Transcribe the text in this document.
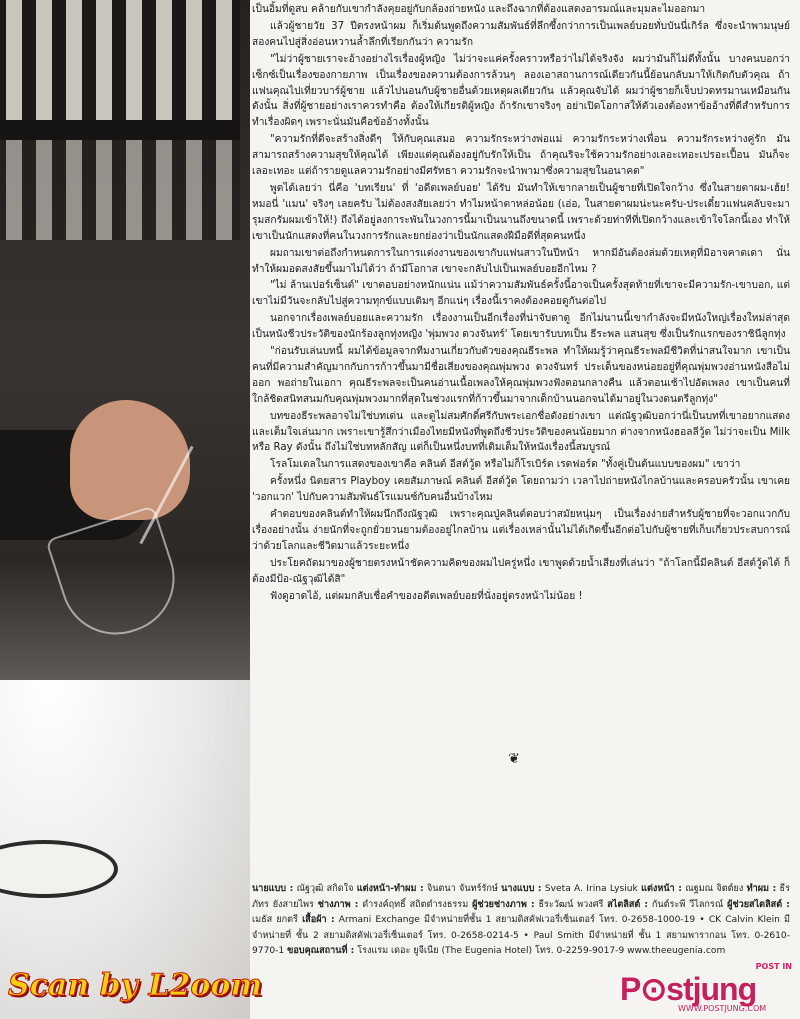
เป็นอิ้มที่ดูสบ คล้ายกับเขากำลังคุยอยู่กับกล้องถ่ายหนัง และถึงฉากที่ต้องแสดงอารมณ์และมุมละไมออกมา

แล้วผู้ชายวัย 37 ปีตรงหน้าผม ก็เริ่มต้นพูดถึงความสัมพันธ์ที่ลึกซึ้งกว่าการเป็นเพลย์บอยทั่บบันนี่เกิร์ล ซึ่งจะนำพามนุษย์สองคนไปสู่สิ่งอ่อนหวานล้ำลึกที่เรียกกันว่า ความรัก

"ไม่ว่าผู้ชายเราจะอ้างอย่างไรเรื่องผู้หญิง ไม่ว่าจะแค่ครั้งคราวหรือว่าไม่ได้จริงจัง ผมว่ามันก็ไม่ดีทั้งนั้น บางคนบอกว่าเซ็กซ์เป็นเรื่องของกายภาพ เป็นเรื่องของความต้องการล้วนๆ ลองเอาสถานการณ์เดียวกันนี้ย้อนกลับมาให้เกิดกับตัวคุณ ถ้าแฟนคุณไปเที่ยวบาร์ผู้ชาย แล้วไปนอนกับผู้ชายอื่นด้วยเหตุผลเดียวกัน แล้วคุณจับได้ ผมว่าผู้ชายก็เจ็บปวดทรมานเหมือนกัน ดังนั้น สิ่งที่ผู้ชายอย่างเราควรทำคือ ต้องให้เกียรติผู้หญิง ถ้ารักเขาจริงๆ อย่าเปิดโอกาสให้ตัวเองต้องหาข้ออ้างที่ดีสำหรับการทำเรื่องผิดๆ เพราะนั่นมันคือข้ออ้างทั้งนั้น

"ความรักที่ดีจะสร้างสิ่งดีๆ ให้กับคุณเสมอ ความรักระหว่างพ่อแม่ ความรักระหว่างเพื่อน ความรักระหว่างคู่รัก มันสามารถสร้างความสุขให้คุณได้ เพียงแต่คุณต้องอยู่กับรักให้เป็น ถ้าคุณริจะใช้ความรักอย่างเลอะเทอะเปรอะเปื้อน มันก็จะเลอะเทอะ แต่ถ้ารายดูแลความรักอย่างมีศรัทธา ความรักจะนำพามาซึ่งความสุขในอนาคต"

พูดได้เลยว่า นี่คือ 'บทเรียน' ที่ 'อดีตเพลย์บอย' ได้รับ มันทำให้เขากลายเป็นผู้ชายที่เปิดใจกว้าง ซึ่งในสายตาผม-เฮ้ย! หมอนี่ 'แมน' จริงๆ เลยครับ ไม่ต้องสงสัยเลยว่า ทำไมหน้าตาหล่อน้อย (เอ่อ, ในสายตาผมน่ะนะครับ-ประเดี๋ยวแฟนคลับจะมารุมสกรัมผมเข้าให้!) ถึงได้อยู่ลงการะพันในวงการนี้มาเป็นนานถึงขนาดนี้ เพราะด้วยท่าทีที่เปิดกว้างและเข้าใจโลกนี้เอง ทำให้เขาเป็นนักแสดงที่คนในวงการรักและยกย่องว่าเป็นนักแสดงฝีมือดีที่สุดคนหนึ่ง

ผมถามเขาต่อถึงกำหนดการในการแต่งงานของเขากับแฟนสาวในปีหน้า หากมีอันต้องล่มด้วยเหตุที่มิอาจคาดเดา นั่นทำให้ผมอดสงสัยขึ้นมาไม่ได้ว่า ถ้ามีโอกาส เขาจะกลับไปเป็นเพลย์บอยอีกไหม ?

"ไม่ ล้านเปอร์เซ็นต์" เขาตอบอย่างหนักแน่น แม้ว่าความสัมพันธ์ครั้งนี้อาจเป็นครั้งสุดท้ายที่เขาจะมีความรัก-เขาบอก, แต่เขาไม่มีวันจะกลับไปสู่ความทุกข์แบบเดิมๆ อีกแน่ๆ เรื่องนี้เราคงต้องคอยดูกันต่อไป

นอกจากเรื่องเพลย์บอยและความรัก เรื่องงานเป็นอีกเรื่องที่น่าจับตาดู อีกไม่นานนี้เขากำลังจะมีหนังใหญ่เรื่องใหม่ล่าสุด เป็นหนังชีวประวัติของนักร้องลูกทุ่งหญิง 'พุ่มพวง ดวงจันทร์' โดยเขารับบทเป็น ธีระพล แสนสุข ซึ่งเป็นรักแรกของราชินีลูกทุ่ง

"ก่อนรับเล่นบทนี้ ผมได้ข้อมูลจากทีมงานเกี่ยวกับตัวของคุณธีระพล ทำให้ผมรู้ว่าคุณธีระพลมีชีวิตที่น่าสนใจมาก เขาเป็นคนที่มีความสำคัญมากกับการก้าวขึ้นมามีชื่อเสียงของคุณพุ่มพวง ดวงจันทร์ ประเด็นของหน่อยอยู่ที่คุณพุ่มพวงอ่านหนังสือไม่ออก พอถ่ายในเอกา คุณธีระพลจะเป็นคนอ่านเนื้อเพลงให้คุณพุ่มพวงฟังตอนกลางคืน แล้วตอนเช้าไปอัดเพลง เขาเป็นคนที่ใกล้ชิดสนิทสนมกับคุณพุ่มพวงมากที่สุดในช่วงแรกที่ก้าวขึ้นมาจากเด็กบ้านนอกจนได้มาอยู่ในวงดนตรีลูกทุ่ง"

บทของธีระพลอาจไม่ใช่บทเด่น และดูไม่สมศักดิ์ศรีกับพระเอกชื่อดังอย่างเขา แต่ณัฐวุฒิบอกว่านี่เป็นบทที่เขาอยากแสดงและเต็มใจเล่นมาก เพราะเขารู้สึกว่าเมืองไทยมีหนังที่พูดถึงชีวประวัติของคนน้อยมาก ต่างจากหนังฮอลลีวู้ด ไม่ว่าจะเป็น Milk หรือ Ray ดังนั้น ถึงไม่ใช่บทหลักสัญ แต่ก็เป็นหนึ่งบทที่เติมเต็มให้หนังเรื่องนี้สมบูรณ์

โรลโมเดลในการแสดงของเขาคือ คลินต์ อีสต์วู้ด หรือไม่ก็โรเบิร์ต เรดฟอร์ด "ทั้งคู่เป็นต้นแบบของผม" เขาว่า

ครั้งหนึ่ง นิตยสาร Playboy เคยสัมภาษณ์ คลินต์ อีสต์วู้ด โดยถามว่า เวลาไปถ่ายหนังไกลบ้านและครอบครัวนั้น เขาเคย 'วอกแวก' ไปกับความสัมพันธ์โรแมนซ์กับคนอื่นบ้างไหม

คำตอบของคลินต์ทำให้ผมนึกถึงณัฐวุฒิ เพราะคุณปู่คลินต์ตอบว่าสมัยหนุ่มๆ เป็นเรื่องง่ายสำหรับผู้ชายที่จะวอกแวกกับเรื่องอย่างนั้น ง่ายนักที่จะถูกยั่วยวนยามต้องอยู่ไกลบ้าน แต่เรื่องเหล่านั้นไม่ได้เกิดขึ้นอีกต่อไปกับผู้ชายที่เก็บเกี่ยวประสบการณ์ว่าด้วยโลกและชีวิตมาแล้วระยะหนึ่ง

ประโยคถัดมาของผู้ชายตรงหน้าชัดความคิดของผมไปครู่หนึ่ง เขาพูดด้วยน้ำเสียงที่เล่นว่า "ถ้าโลกนี้มีคลินต์ อีสต์วู้ดได้ ก็ต้องมีป้อ-ณัฐวุฒิได้สิ"

ฟังดูอาดไอ้, แต่ผมกลับเชื่อคำของอดีตเพลย์บอยที่นั่งอยู่ตรงหน้าไม่น้อย !

❦
นายแบบ : ณัฐวุฒิ สกิดใจ แต่งหน้า-ทำผม : จินตนา จันทร์รักษ์ นางแบบ : Sveta A. Irina Lysiuk แต่งหน้า : ณฐมณ จิตต์ยง ทำผม : ธีรภัทร ยังสายไพร ช่างภาพ : ดำรงค์ฤทธิ์ สถิตตำรงธรรม ผู้ช่วยช่างภาพ : ธีระวัฒน์ พวงศรี สไตลิสต์ : กันต์ระพี วีไลกรณ์ ผู้ช่วยสไตลิสต์ : เมธัส ยกตรี เสื้อผ้า : Armani Exchange มีจำหน่ายที่ชั้น 1 สยามดิสคัฟเวอรี่เซ็นเตอร์ โทร. 0-2658-1000-19 • CK Calvin Klein มีจำหน่ายที่ ชั้น 2 สยามดิสคัฟเวอรี่เซ็นเตอร์ โทร. 0-2658-0214-5 • Paul Smith มีจำหน่ายที่ ชั้น 1 สยามพารากอน โทร. 0-2610-9770-1 ขอบคุณสถานที่ : โรงแรม เดอะ ยูจีเนีย (The Eugenia Hotel) โทร. 0-2259-9017-9 www.theeugenia.com
Scan by L2oom
POST IN
P⊙stjung
WWW.POSTJUNG.COM
